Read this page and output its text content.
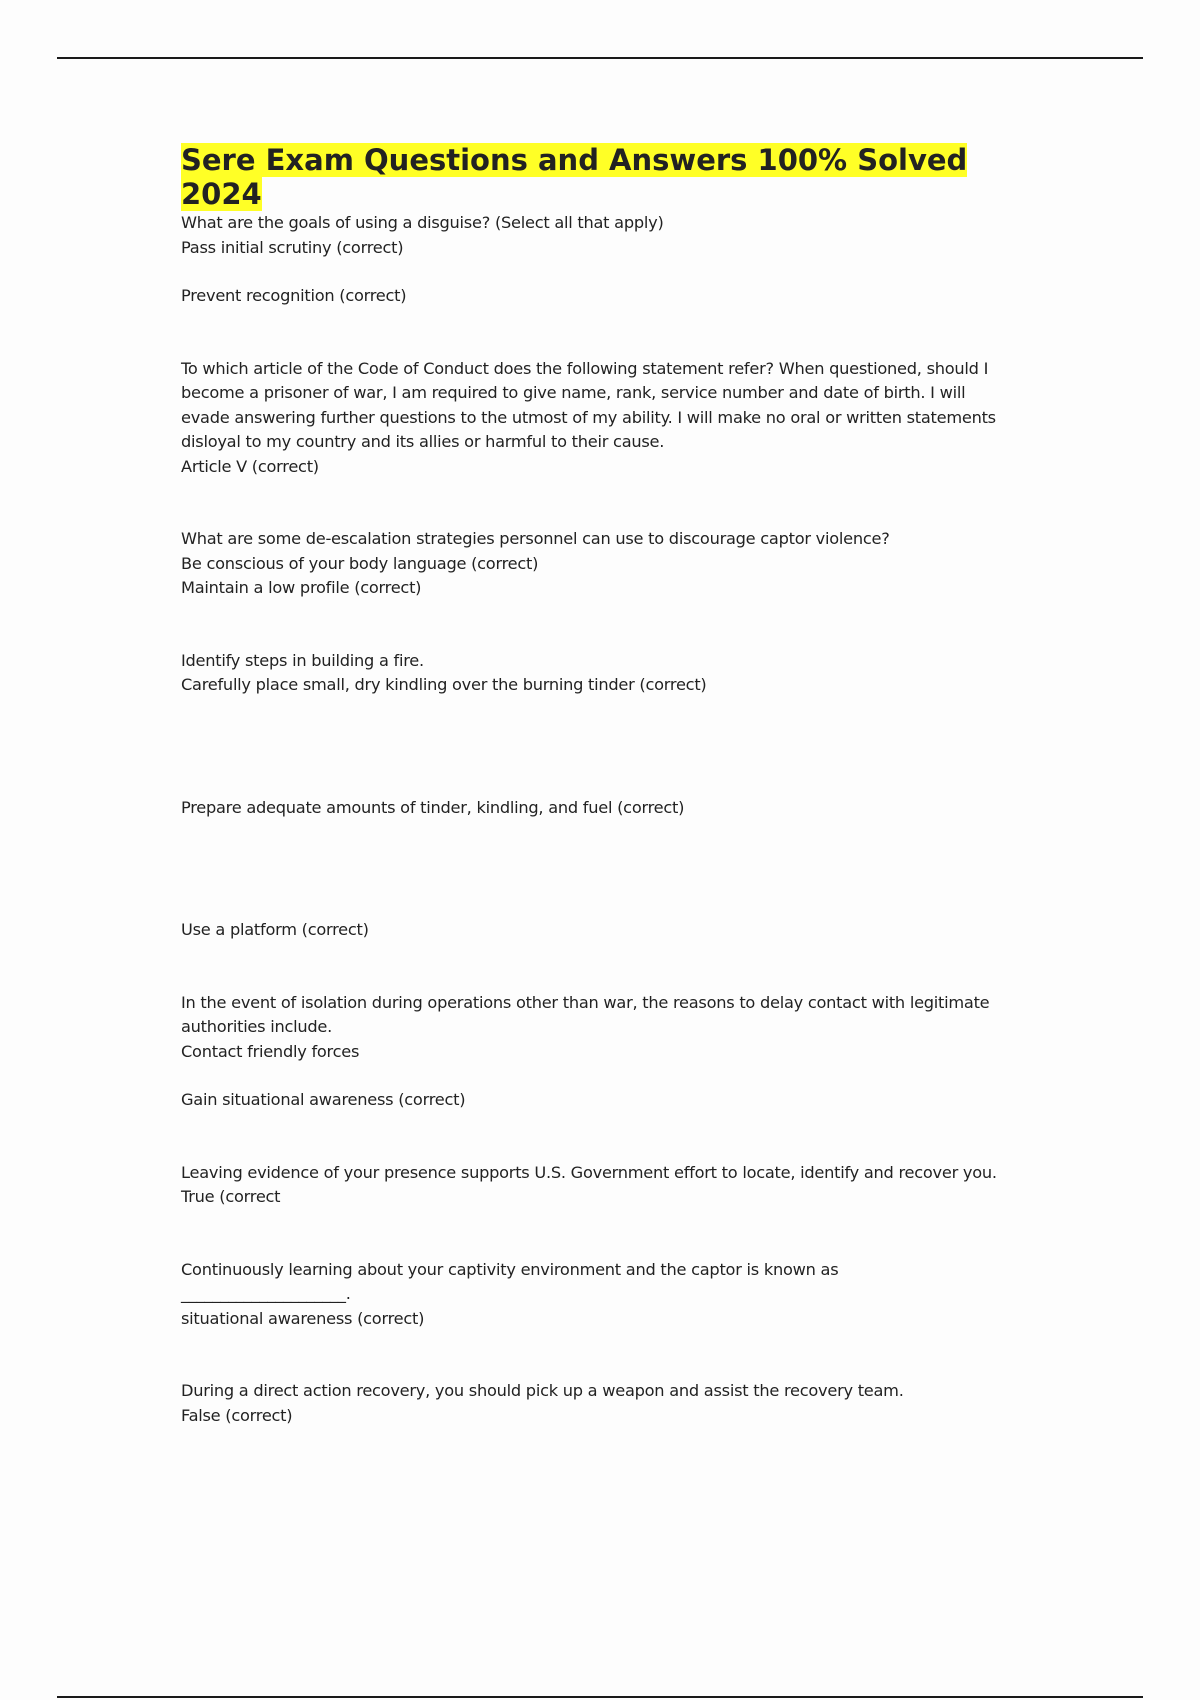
Sere Exam Questions and Answers 100% Solved 2024

What are the goals of using a disguise? (Select all that apply)

Pass initial scrutiny (correct)

Prevent recognition (correct)

To which article of the Code of Conduct does the following statement refer? When questioned, should I become a prisoner of war, I am required to give name, rank, service number and date of birth. I will evade answering further questions to the utmost of my ability. I will make no oral or written statements disloyal to my country and its allies or harmful to their cause.

Article V (correct)

What are some de-escalation strategies personnel can use to discourage captor violence?

Be conscious of your body language (correct)

Maintain a low profile (correct)

Identify steps in building a fire.

Carefully place small, dry kindling over the burning tinder (correct)

Prepare adequate amounts of tinder, kindling, and fuel (correct)

Use a platform (correct)

In the event of isolation during operations other than war, the reasons to delay contact with legitimate authorities include.

Contact friendly forces

Gain situational awareness (correct)

Leaving evidence of your presence supports U.S. Government effort to locate, identify and recover you.

True (correct

Continuously learning about your captivity environment and the captor is known as

_____________________.

situational awareness (correct)

During a direct action recovery, you should pick up a weapon and assist the recovery team.

False (correct)
